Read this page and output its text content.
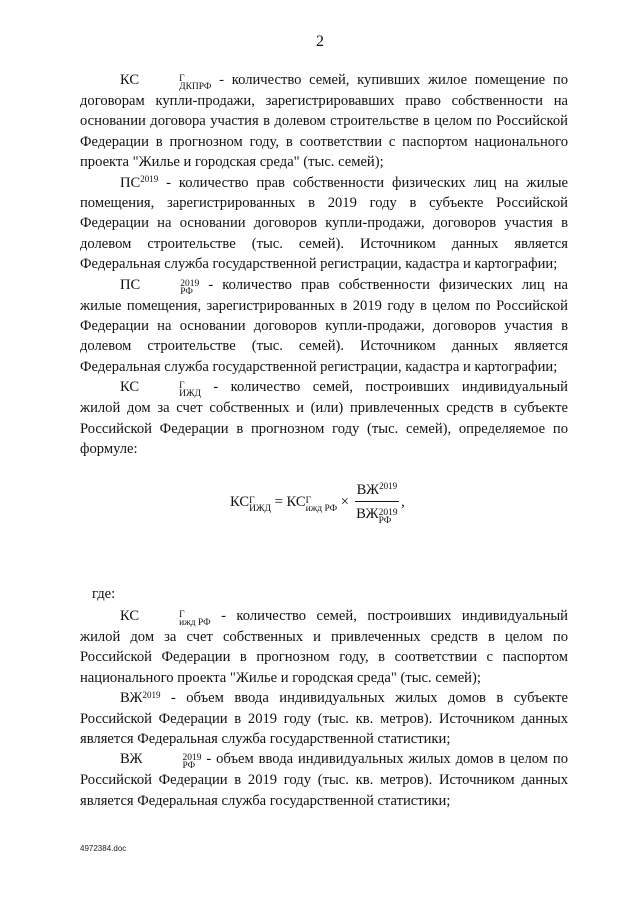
2

КС	Г
ДКПРФ - количество семей, купивших жилое помещение по договорам купли-продажи, зарегистрировавших право собственности на основании договора участия в долевом строительстве в целом по Российской Федерации в прогнозном году, в соответствии с паспортом национального проекта "Жилье и городская среда" (тыс. семей);

$ПС^{2019}$ - количество прав собственности физических лиц на жилые помещения, зарегистрированных в 2019 году в субъекте Российской Федерации на основании договоров купли-продажи, договоров участия в долевом строительстве (тыс. семей). Источником данных является Федеральная служба государственной регистрации, кадастра и картографии;

ПС	2019
РФ - количество прав собственности физических лиц на жилые помещения, зарегистрированных в 2019 году в целом по Российской Федерации на основании договоров купли-продажи, договоров участия в долевом строительстве (тыс. семей). Источником данных является Федеральная служба государственной регистрации, кадастра и картографии;

КС	Г
ИЖД - количество семей, построивших индивидуальный жилой дом за счет собственных и (или) привлеченных средств в субъекте Российской Федерации в прогнозном году (тыс. семей), определяемое по формуле:

КС Г
ИЖД = КС Г
ижд РФ × $ВЖ^{2019}$
ВЖ 2019
РФ ,

где:

КС	Г
ижд РФ - количество семей, построивших индивидуальный жилой дом за счет собственных и привлеченных средств в целом по Российской Федерации в прогнозном году, в соответствии с паспортом национального проекта "Жилье и городская среда" (тыс. семей);

$ВЖ^{2019}$ - объем ввода индивидуальных жилых домов в субъекте Российской Федерации в 2019 году (тыс. кв. метров). Источником данных является Федеральная служба государственной статистики;

ВЖ	2019
РФ - объем ввода индивидуальных жилых домов в целом по Российской Федерации в 2019 году (тыс. кв. метров). Источником данных является Федеральная служба государственной статистики;

4972384.doc
